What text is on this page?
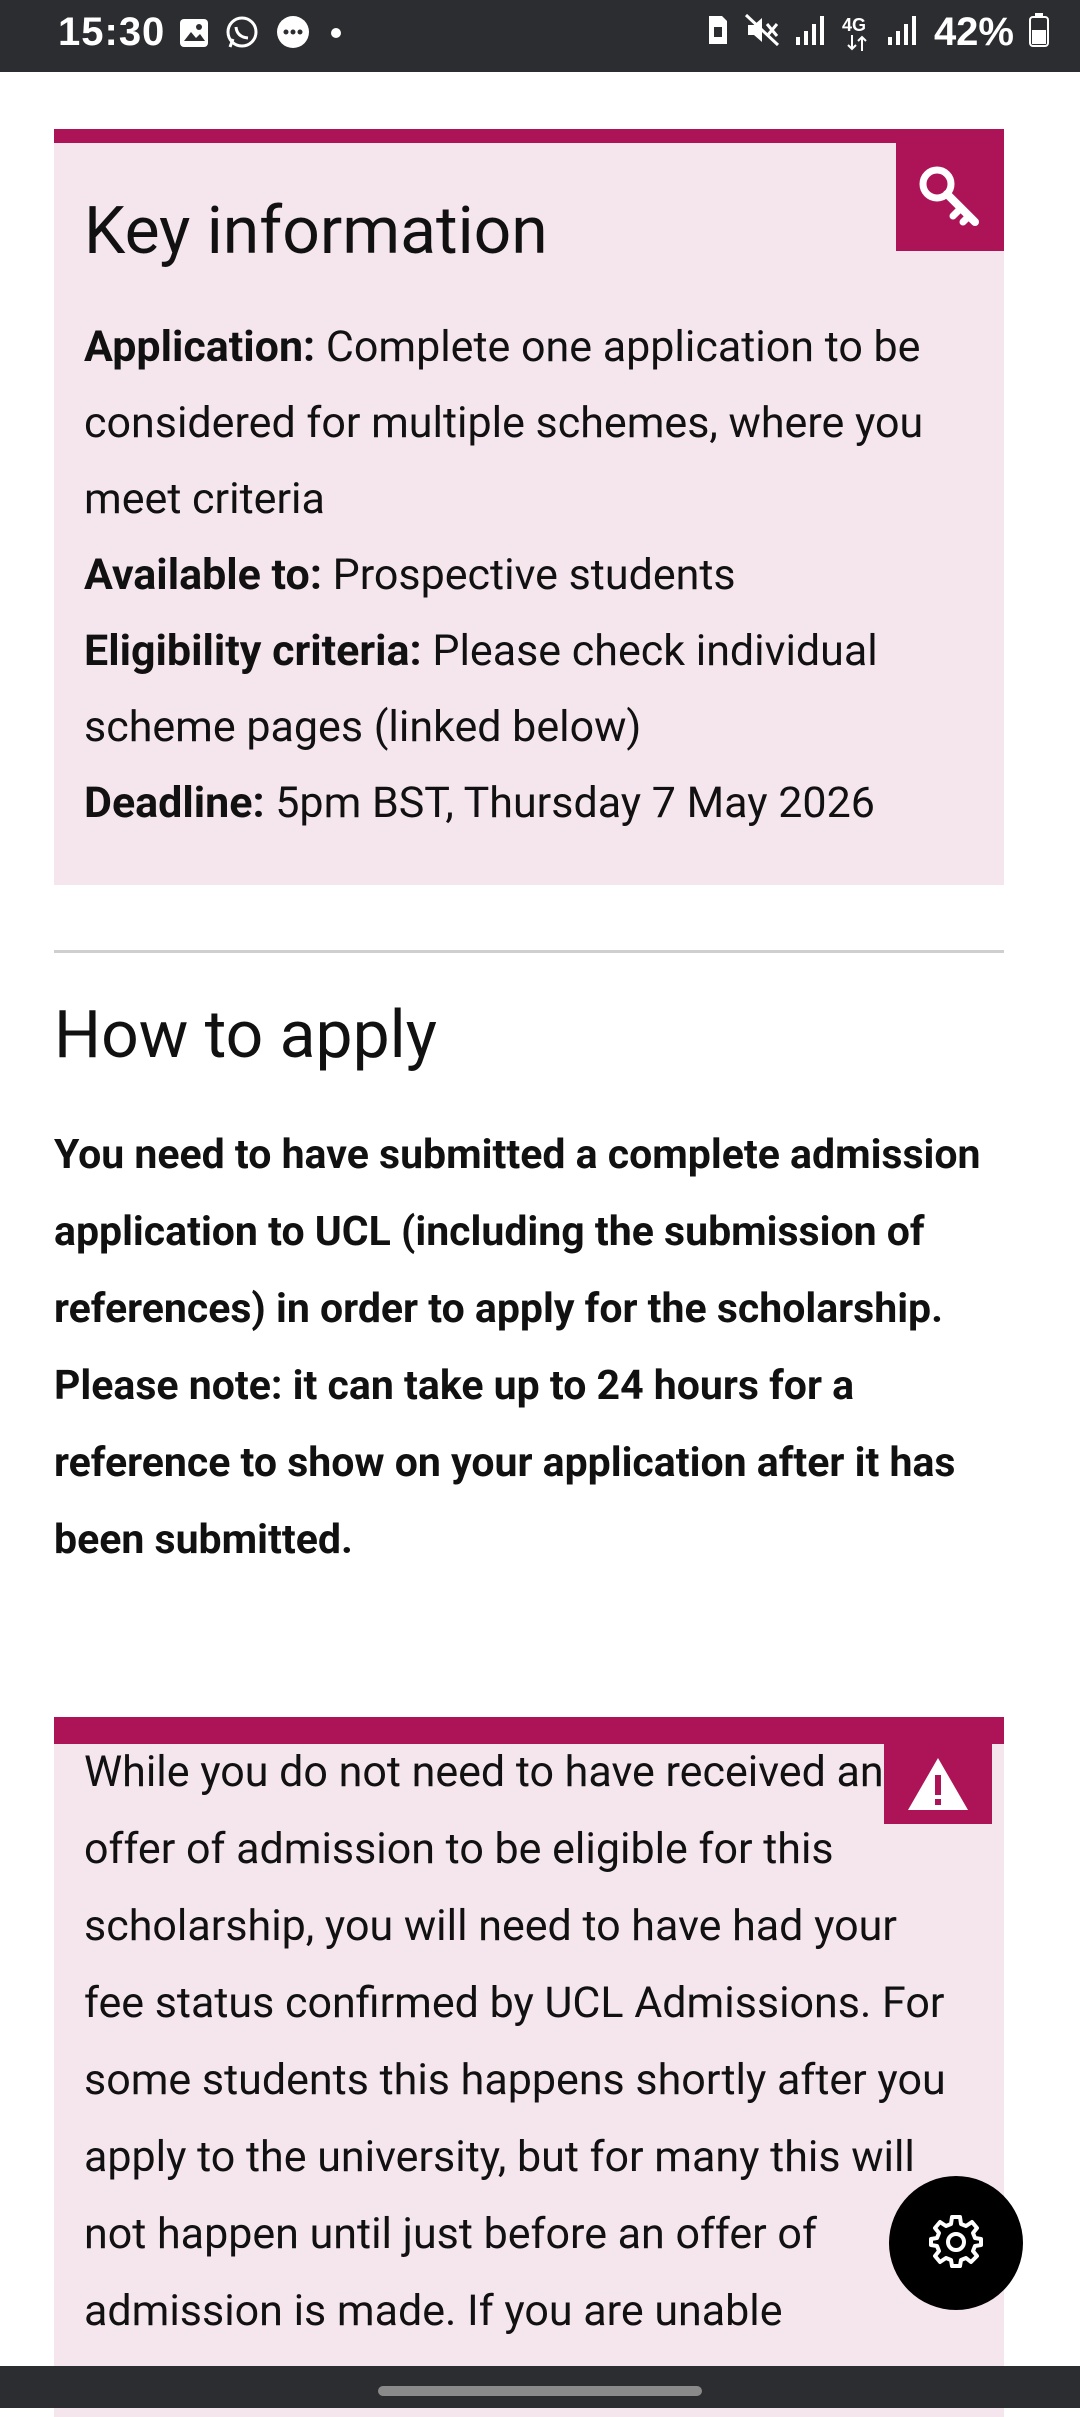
15:30	4G 42%
Key information
Application: Complete one application to be considered for multiple schemes, where you meet criteria
Available to: Prospective students
Eligibility criteria: Please check individual scheme pages (linked below)
Deadline: 5pm BST, Thursday 7 May 2026
How to apply
You need to have submitted a complete admission application to UCL (including the submission of references) in order to apply for the scholarship. Please note: it can take up to 24 hours for a reference to show on your application after it has been submitted.
While you do not need to have received an offer of admission to be eligible for this scholarship, you will need to have had your fee status confirmed by UCL Admissions. For some students this happens shortly after you apply to the university, but for many this will not happen until just before an offer of admission is made. If you are unable
